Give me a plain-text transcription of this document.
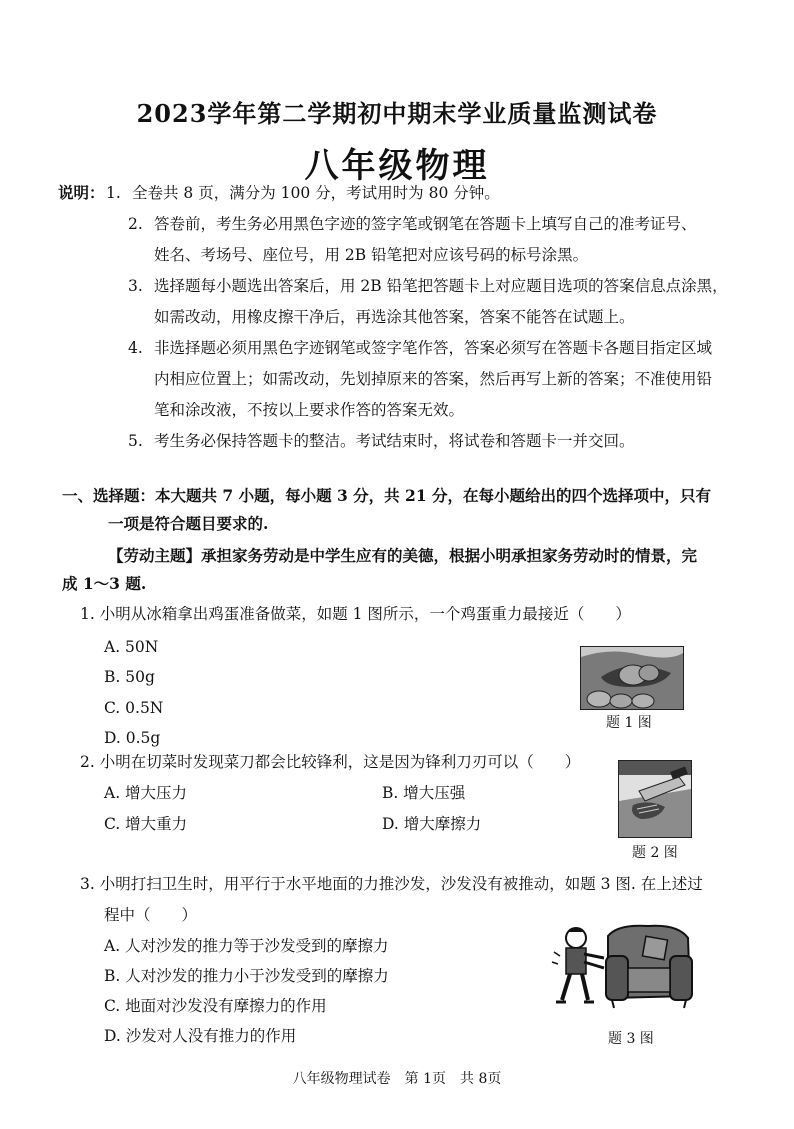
2023学年第二学期初中期末学业质量监测试卷
八年级物理
说明： 1. 全卷共 8 页，满分为 100 分，考试用时为 80 分钟。
2. 答卷前，考生务必用黑色字迹的签字笔或钢笔在答题卡上填写自己的准考证号、
姓名、考场号、座位号，用 2B 铅笔把对应该号码的标号涂黑。
3. 选择题每小题选出答案后，用 2B 铅笔把答题卡上对应题目选项的答案信息点涂黑，
如需改动，用橡皮擦干净后，再选涂其他答案，答案不能答在试题上。
4. 非选择题必须用黑色字迹钢笔或签字笔作答，答案必须写在答题卡各题目指定区域
内相应位置上；如需改动，先划掉原来的答案，然后再写上新的答案；不准使用铅
笔和涂改液，不按以上要求作答的答案无效。
5. 考生务必保持答题卡的整洁。考试结束时，将试卷和答题卡一并交回。
一、选择题：本大题共 7 小题，每小题 3 分，共 21 分，在每小题给出的四个选择项中，只有
一项是符合题目要求的.
【劳动主题】承担家务劳动是中学生应有的美德，根据小明承担家务劳动时的情景，完
成 1～3 题.
1. 小明从冰箱拿出鸡蛋准备做菜，如题 1 图所示，一个鸡蛋重力最接近（　　）
A. 50N
B. 50g
C. 0.5N
D. 0.5g
题 1 图
2. 小明在切菜时发现菜刀都会比较锋利，这是因为锋利刀刃可以（　　）
A. 增大压力	B. 增大压强
C. 增大重力	D. 增大摩擦力
题 2 图
3. 小明打扫卫生时，用平行于水平地面的力推沙发，沙发没有被推动，如题 3 图. 在上述过
程中（　　）
A. 人对沙发的推力等于沙发受到的摩擦力
B. 人对沙发的推力小于沙发受到的摩擦力
C. 地面对沙发没有摩擦力的作用
D. 沙发对人没有推力的作用	题 3 图
八年级物理试卷　第 1页　共 8页
